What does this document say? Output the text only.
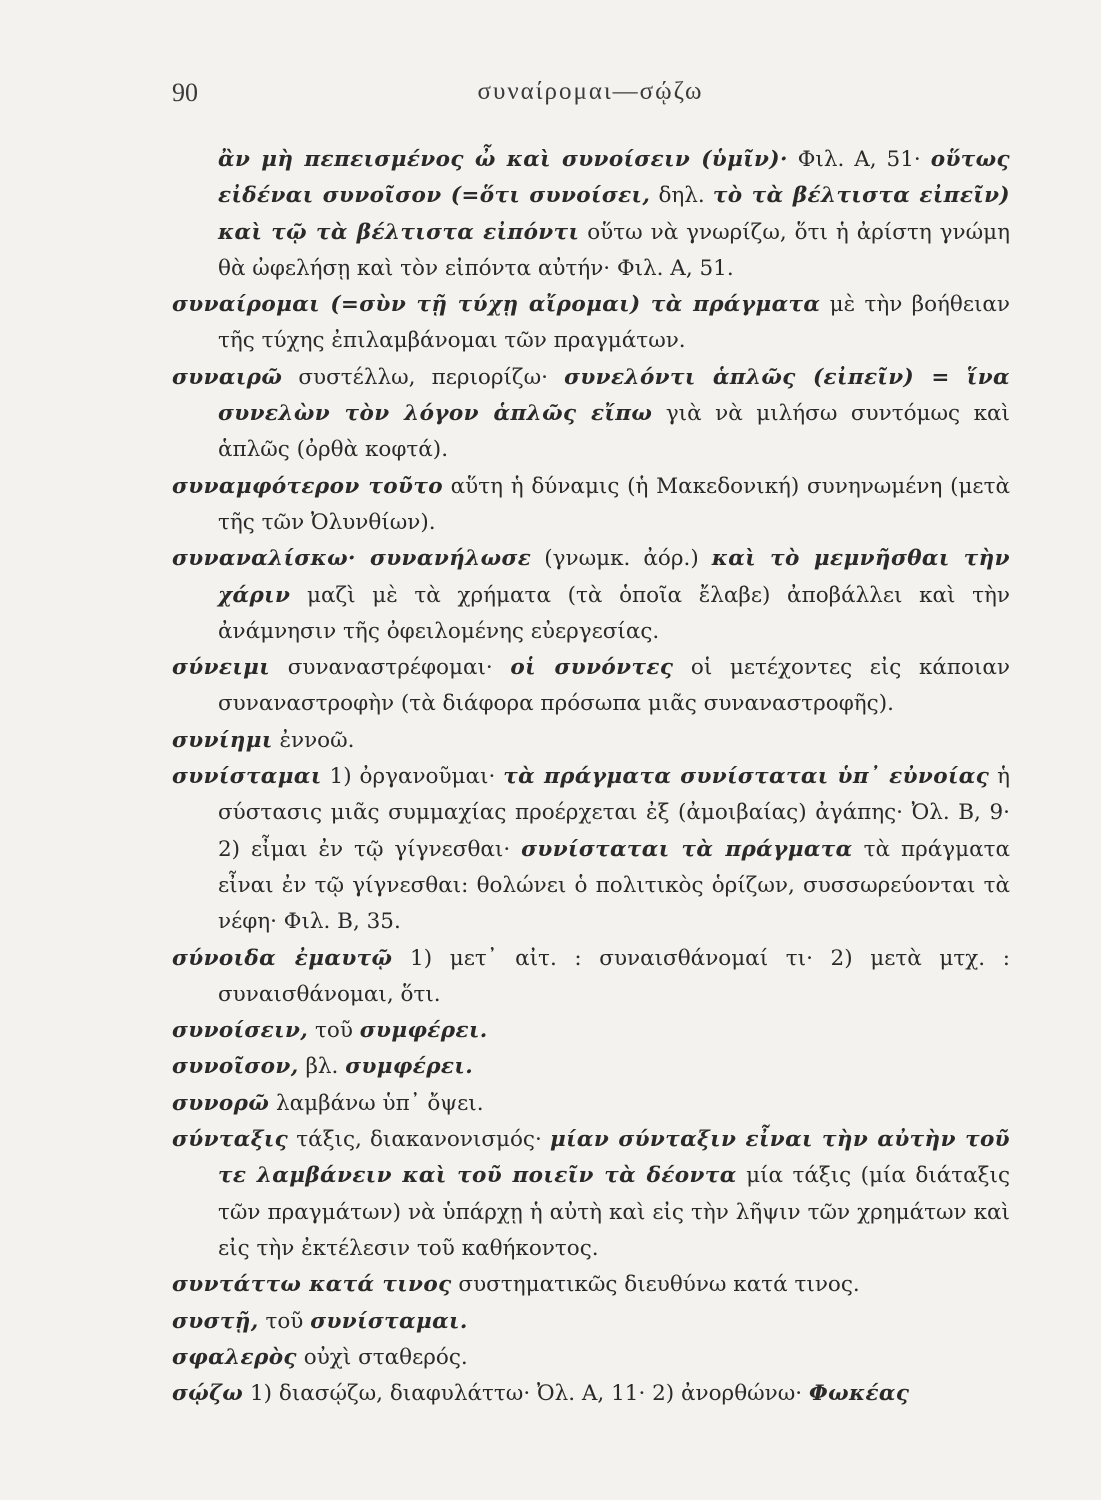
90	συναίρομαι—σῴζω

ἂν μὴ πεπεισμένος ὦ καὶ συνοίσειν (ὑμῖν)· Φιλ. Α, 51· οὕτως εἰδέναι συνοῖσον (=ὅτι συνοίσει, δηλ. τὸ τὰ βέλτιστα εἰπεῖν) καὶ τῷ τὰ βέλτιστα εἰπόντι οὕτω νὰ γνωρίζω, ὅτι ἡ ἀρίστη γνώμη θὰ ὠφελήσῃ καὶ τὸν εἰπόντα αὐτήν· Φιλ. Α, 51.

συναίρομαι (=σὺν τῇ τύχῃ αἴρομαι) τὰ πράγματα μὲ τὴν βοήθειαν τῆς τύχης ἐπιλαμβάνομαι τῶν πραγμάτων.

συναιρῶ συστέλλω, περιορίζω· συνελόντι ἁπλῶς (εἰπεῖν) = ἵνα συνελὼν τὸν λόγον ἁπλῶς εἴπω γιὰ νὰ μιλήσω συντόμως καὶ ἁπλῶς (ὀρθὰ κοφτά).

συναμφότερον τοῦτο αὕτη ἡ δύναμις (ἡ Μακεδονική) συνηνωμένη (μετὰ τῆς τῶν Ὀλυνθίων).

συναναλίσκω· συνανήλωσε (γνωμκ. ἀόρ.) καὶ τὸ μεμνῆσθαι τὴν χάριν μαζὶ μὲ τὰ χρήματα (τὰ ὁποῖα ἔλαβε) ἀποβάλλει καὶ τὴν ἀνάμνησιν τῆς ὀφειλομένης εὐεργεσίας.

σύνειμι συναναστρέφομαι· οἱ συνόντες οἱ μετέχοντες εἰς κάποιαν συναναστροφὴν (τὰ διάφορα πρόσωπα μιᾶς συναναστροφῆς).

συνίημι ἐννοῶ.

συνίσταμαι 1) ὀργανοῦμαι· τὰ πράγματα συνίσταται ὑπ᾽ εὐνοίας ἡ σύστασις μιᾶς συμμαχίας προέρχεται ἐξ (ἀμοιβαίας) ἀγάπης· Ὀλ. Β, 9· 2) εἶμαι ἐν τῷ γίγνεσθαι· συνίσταται τὰ πράγματα τὰ πράγματα εἶναι ἐν τῷ γίγνεσθαι: θολώνει ὁ πολιτικὸς ὁρίζων, συσσωρεύονται τὰ νέφη· Φιλ. Β, 35.

σύνοιδα ἐμαυτῷ 1) μετ᾽ αἰτ. : συναισθάνομαί τι· 2) μετὰ μτχ. : συναισθάνομαι, ὅτι.

συνοίσειν, τοῦ συμφέρει.

συνοῖσον, βλ. συμφέρει.

συνορῶ λαμβάνω ὑπ᾽ ὄψει.

σύνταξις τάξις, διακανονισμός· μίαν σύνταξιν εἶναι τὴν αὐτὴν τοῦ τε λαμβάνειν καὶ τοῦ ποιεῖν τὰ δέοντα μία τάξις (μία διάταξις τῶν πραγμάτων) νὰ ὑπάρχῃ ἡ αὐτὴ καὶ εἰς τὴν λῆψιν τῶν χρημάτων καὶ εἰς τὴν ἐκτέλεσιν τοῦ καθήκοντος.

συντάττω κατά τινος συστηματικῶς διευθύνω κατά τινος.

συστῇ, τοῦ συνίσταμαι.

σφαλερὸς οὐχὶ σταθερός.

σῴζω 1) διασῴζω, διαφυλάττω· Ὀλ. Α, 11· 2) ἀνορθώνω· Φωκέας
